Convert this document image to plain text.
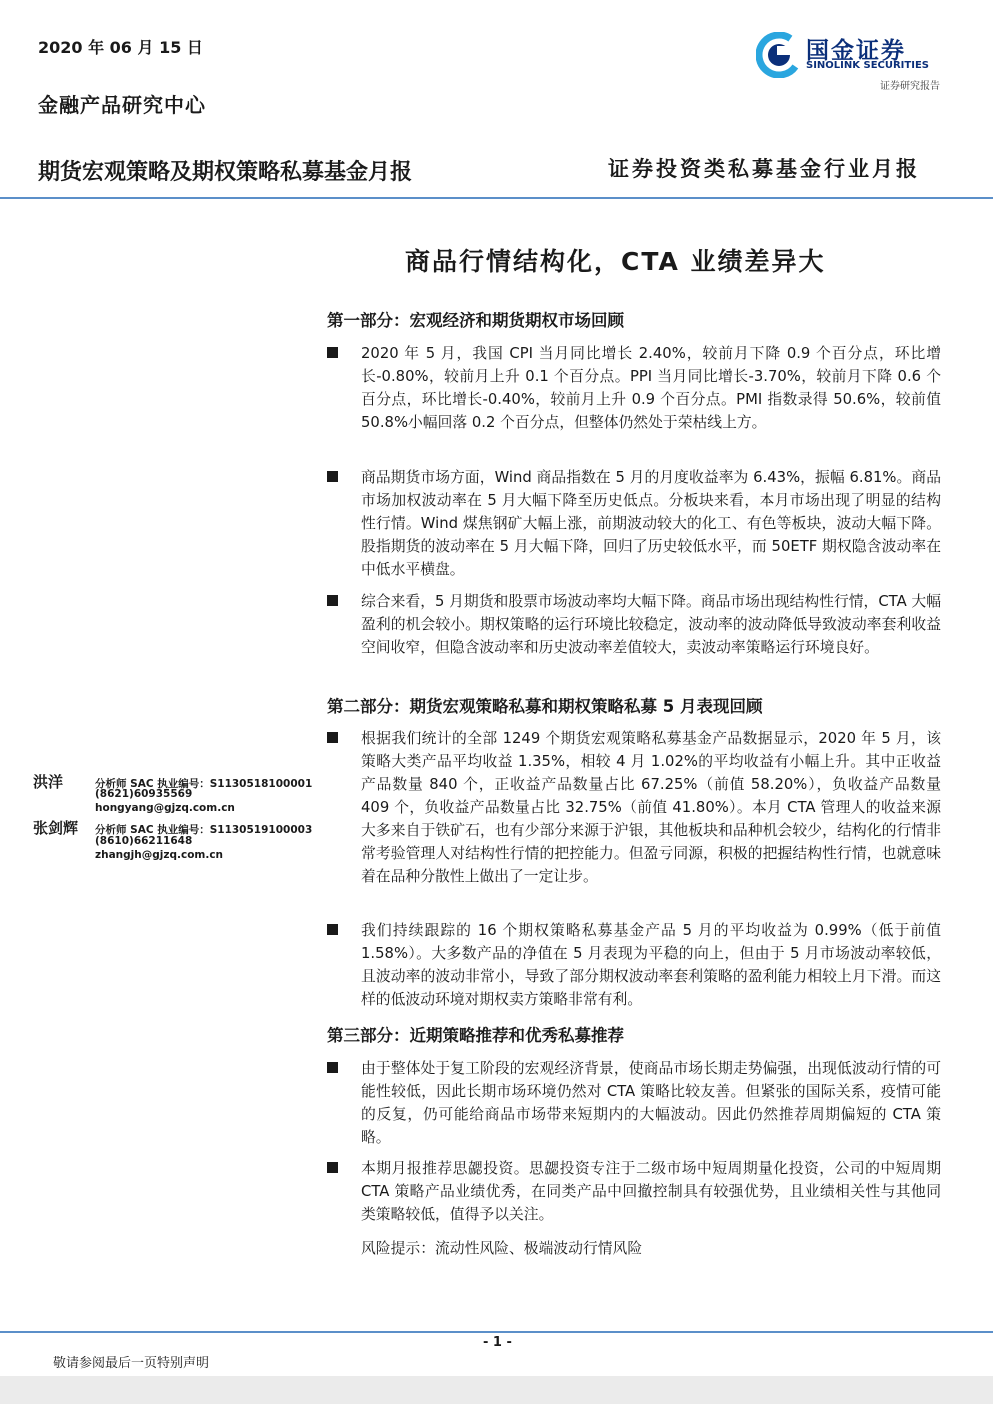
2020 年 06 月 15 日
金融产品研究中心
国金证券
SINOLINK SECURITIES
证券研究报告
期货宏观策略及期权策略私募基金月报	证券投资类私募基金行业月报
商品行情结构化，CTA 业绩差异大
第一部分：宏观经济和期货期权市场回顾
2020 年 5 月，我国 CPI 当月同比增长 2.40%，较前月下降 0.9 个百分点，环比增长-0.80%，较前月上升 0.1 个百分点。PPI 当月同比增长-3.70%，较前月下降 0.6 个百分点，环比增长-0.40%，较前月上升 0.9 个百分点。PMI 指数录得 50.6%，较前值 50.8%小幅回落 0.2 个百分点，但整体仍然处于荣枯线上方。
商品期货市场方面，Wind 商品指数在 5 月的月度收益率为 6.43%，振幅 6.81%。商品市场加权波动率在 5 月大幅下降至历史低点。分板块来看，本月市场出现了明显的结构性行情。Wind 煤焦钢矿大幅上涨，前期波动较大的化工、有色等板块，波动大幅下降。股指期货的波动率在 5 月大幅下降，回归了历史较低水平，而 50ETF 期权隐含波动率在中低水平横盘。
综合来看，5 月期货和股票市场波动率均大幅下降。商品市场出现结构性行情，CTA 大幅盈利的机会较小。期权策略的运行环境比较稳定，波动率的波动降低导致波动率套利收益空间收窄，但隐含波动率和历史波动率差值较大，卖波动率策略运行环境良好。
第二部分：期货宏观策略私募和期权策略私募 5 月表现回顾
根据我们统计的全部 1249 个期货宏观策略私募基金产品数据显示，2020 年 5 月，该策略大类产品平均收益 1.35%，相较 4 月 1.02%的平均收益有小幅上升。其中正收益产品数量 840 个，正收益产品数量占比 67.25%（前值 58.20%），负收益产品数量 409 个，负收益产品数量占比 32.75%（前值 41.80%）。本月 CTA 管理人的收益来源大多来自于铁矿石，也有少部分来源于沪银，其他板块和品种机会较少，结构化的行情非常考验管理人对结构性行情的把控能力。但盈亏同源，积极的把握结构性行情，也就意味着在品种分散性上做出了一定让步。
我们持续跟踪的 16 个期权策略私募基金产品 5 月的平均收益为 0.99%（低于前值 1.58%）。大多数产品的净值在 5 月表现为平稳的向上，但由于 5 月市场波动率较低，且波动率的波动非常小，导致了部分期权波动率套利策略的盈利能力相较上月下滑。而这样的低波动环境对期权卖方策略非常有利。
第三部分：近期策略推荐和优秀私募推荐
由于整体处于复工阶段的宏观经济背景，使商品市场长期走势偏强，出现低波动行情的可能性较低，因此长期市场环境仍然对 CTA 策略比较友善。但紧张的国际关系，疫情可能的反复，仍可能给商品市场带来短期内的大幅波动。因此仍然推荐周期偏短的 CTA 策略。
本期月报推荐思勰投资。思勰投资专注于二级市场中短周期量化投资，公司的中短周期 CTA 策略产品业绩优秀，在同类产品中回撤控制具有较强优势，且业绩相关性与其他同类策略较低，值得予以关注。
风险提示：流动性风险、极端波动行情风险
洪洋	分析师 SAC 执业编号：S1130518100001
(8621)60935569
hongyang@gjzq.com.cn
张剑辉 分析师 SAC 执业编号：S1130519100003
(8610)66211648
zhangjh@gjzq.com.cn
- 1 -
敬请参阅最后一页特别声明
